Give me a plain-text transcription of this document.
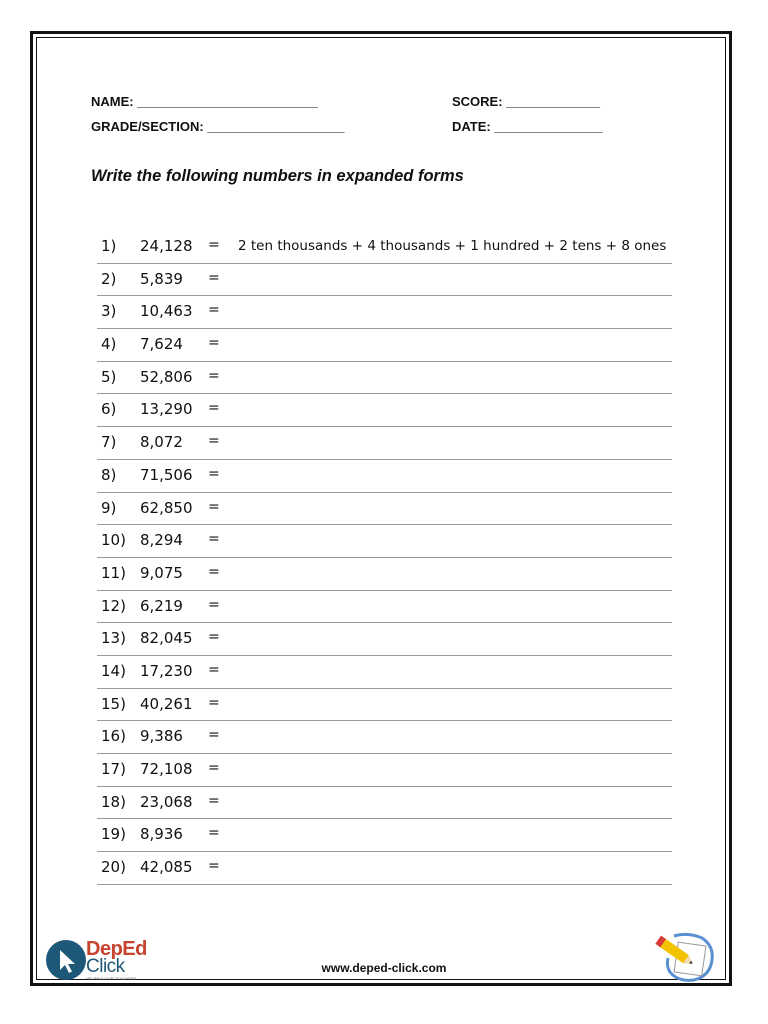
NAME: _________________________	SCORE: _____________
GRADE/SECTION: ___________________	DATE: _______________
Write the following numbers in expanded forms
1) 24,128 = 2 ten thousands + 4 thousands + 1 hundred + 2 tens + 8 ones
2) 5,839 =
3) 10,463 =
4) 7,624 =
5) 52,806 =
6) 13,290 =
7) 8,072 =
8) 71,506 =
9) 62,850 =
10) 8,294 =
11) 9,075 =
12) 6,219 =
13) 82,045 =
14) 17,230 =
15) 40,261 =
16) 9,386 =
17) 72,108 =
18) 23,068 =
19) 8,936 =
20) 42,085 =
DepEd
Click
HELPING OUR TEACHERS
www.deped-click.com
